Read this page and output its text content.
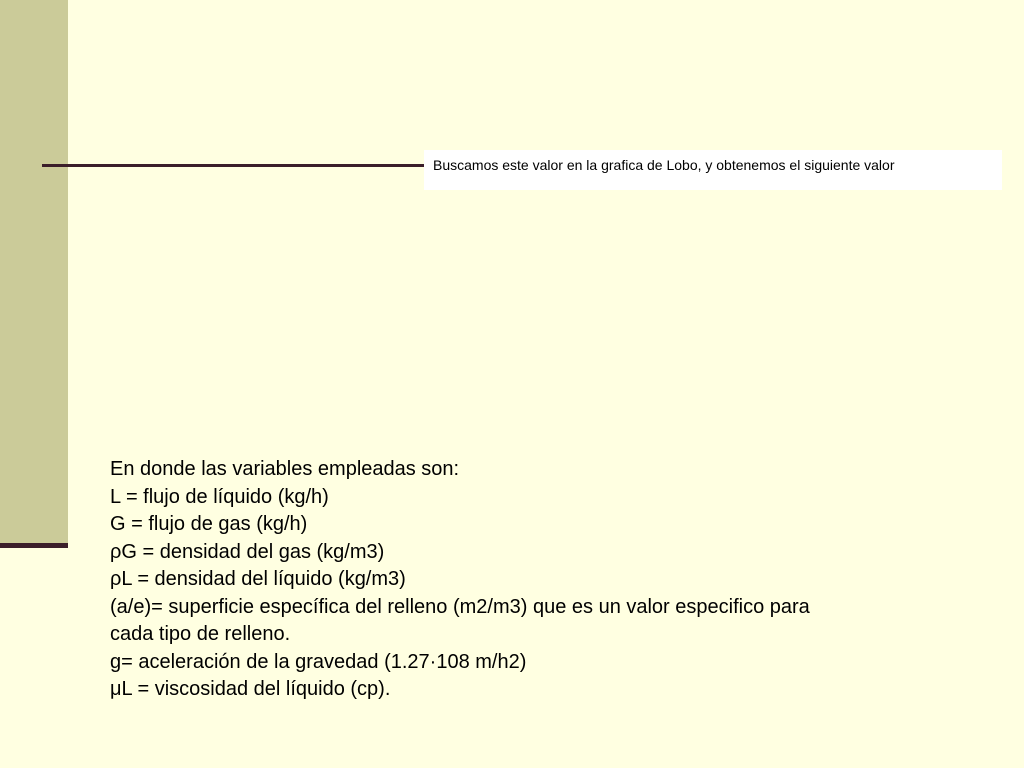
Buscamos este valor en la grafica de Lobo, y obtenemos el siguiente valor
En donde las variables empleadas son:
L = flujo de líquido (kg/h)
G = flujo de gas (kg/h)
ρG = densidad del gas (kg/m3)
ρL = densidad del líquido (kg/m3)
(a/e)= superficie específica del relleno (m2/m3) que es un valor especifico para
cada tipo de relleno.
g= aceleración de la gravedad (1.27·108 m/h2)
μL = viscosidad del líquido (cp).
